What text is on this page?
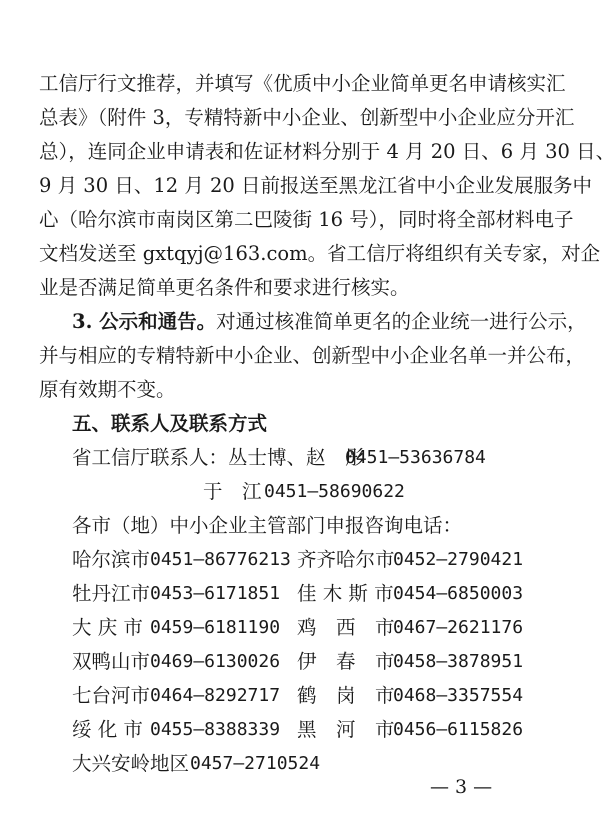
工信厅行文推荐，并填写《优质中小企业简单更名申请核实汇
总表》（附件 3，专精特新中小企业、创新型中小企业应分开汇
总），连同企业申请表和佐证材料分别于 4 月 20 日、6 月 30 日、
9 月 30 日、12 月 20 日前报送至黑龙江省中小企业发展服务中
心（哈尔滨市南岗区第二巴陵街 16 号），同时将全部材料电子
文档发送至 gxtqyj@163.com。省工信厅将组织有关专家，对企
业是否满足简单更名条件和要求进行核实。
3. 公示和通告。对通过核准简单更名的企业统一进行公示，
并与相应的专精特新中小企业、创新型中小企业名单一并公布，
原有效期不变。
五、联系人及联系方式
省工信厅联系人：丛士博、赵　彤
0451—53636784
于　江 0451—58690622
各市（地）中小企业主管部门申报咨询电话：
哈尔滨市 0451—86776213 齐齐哈尔市
0452—2790421
牡丹江市 0453—6171851 佳 木 斯 市 0454—6850003
大 庆 市 0459—6181190 鸡　西　市
0467—2621176
双鸭山市 0469—6130026 伊　春　市
0458—3878951
七台河市 0464—8292717 鹤　岗　市
0468—3357554
绥 化 市 0455—8388339 黑　河　市
0456—6115826
大兴安岭地区 0457—2710524
— 3 —
